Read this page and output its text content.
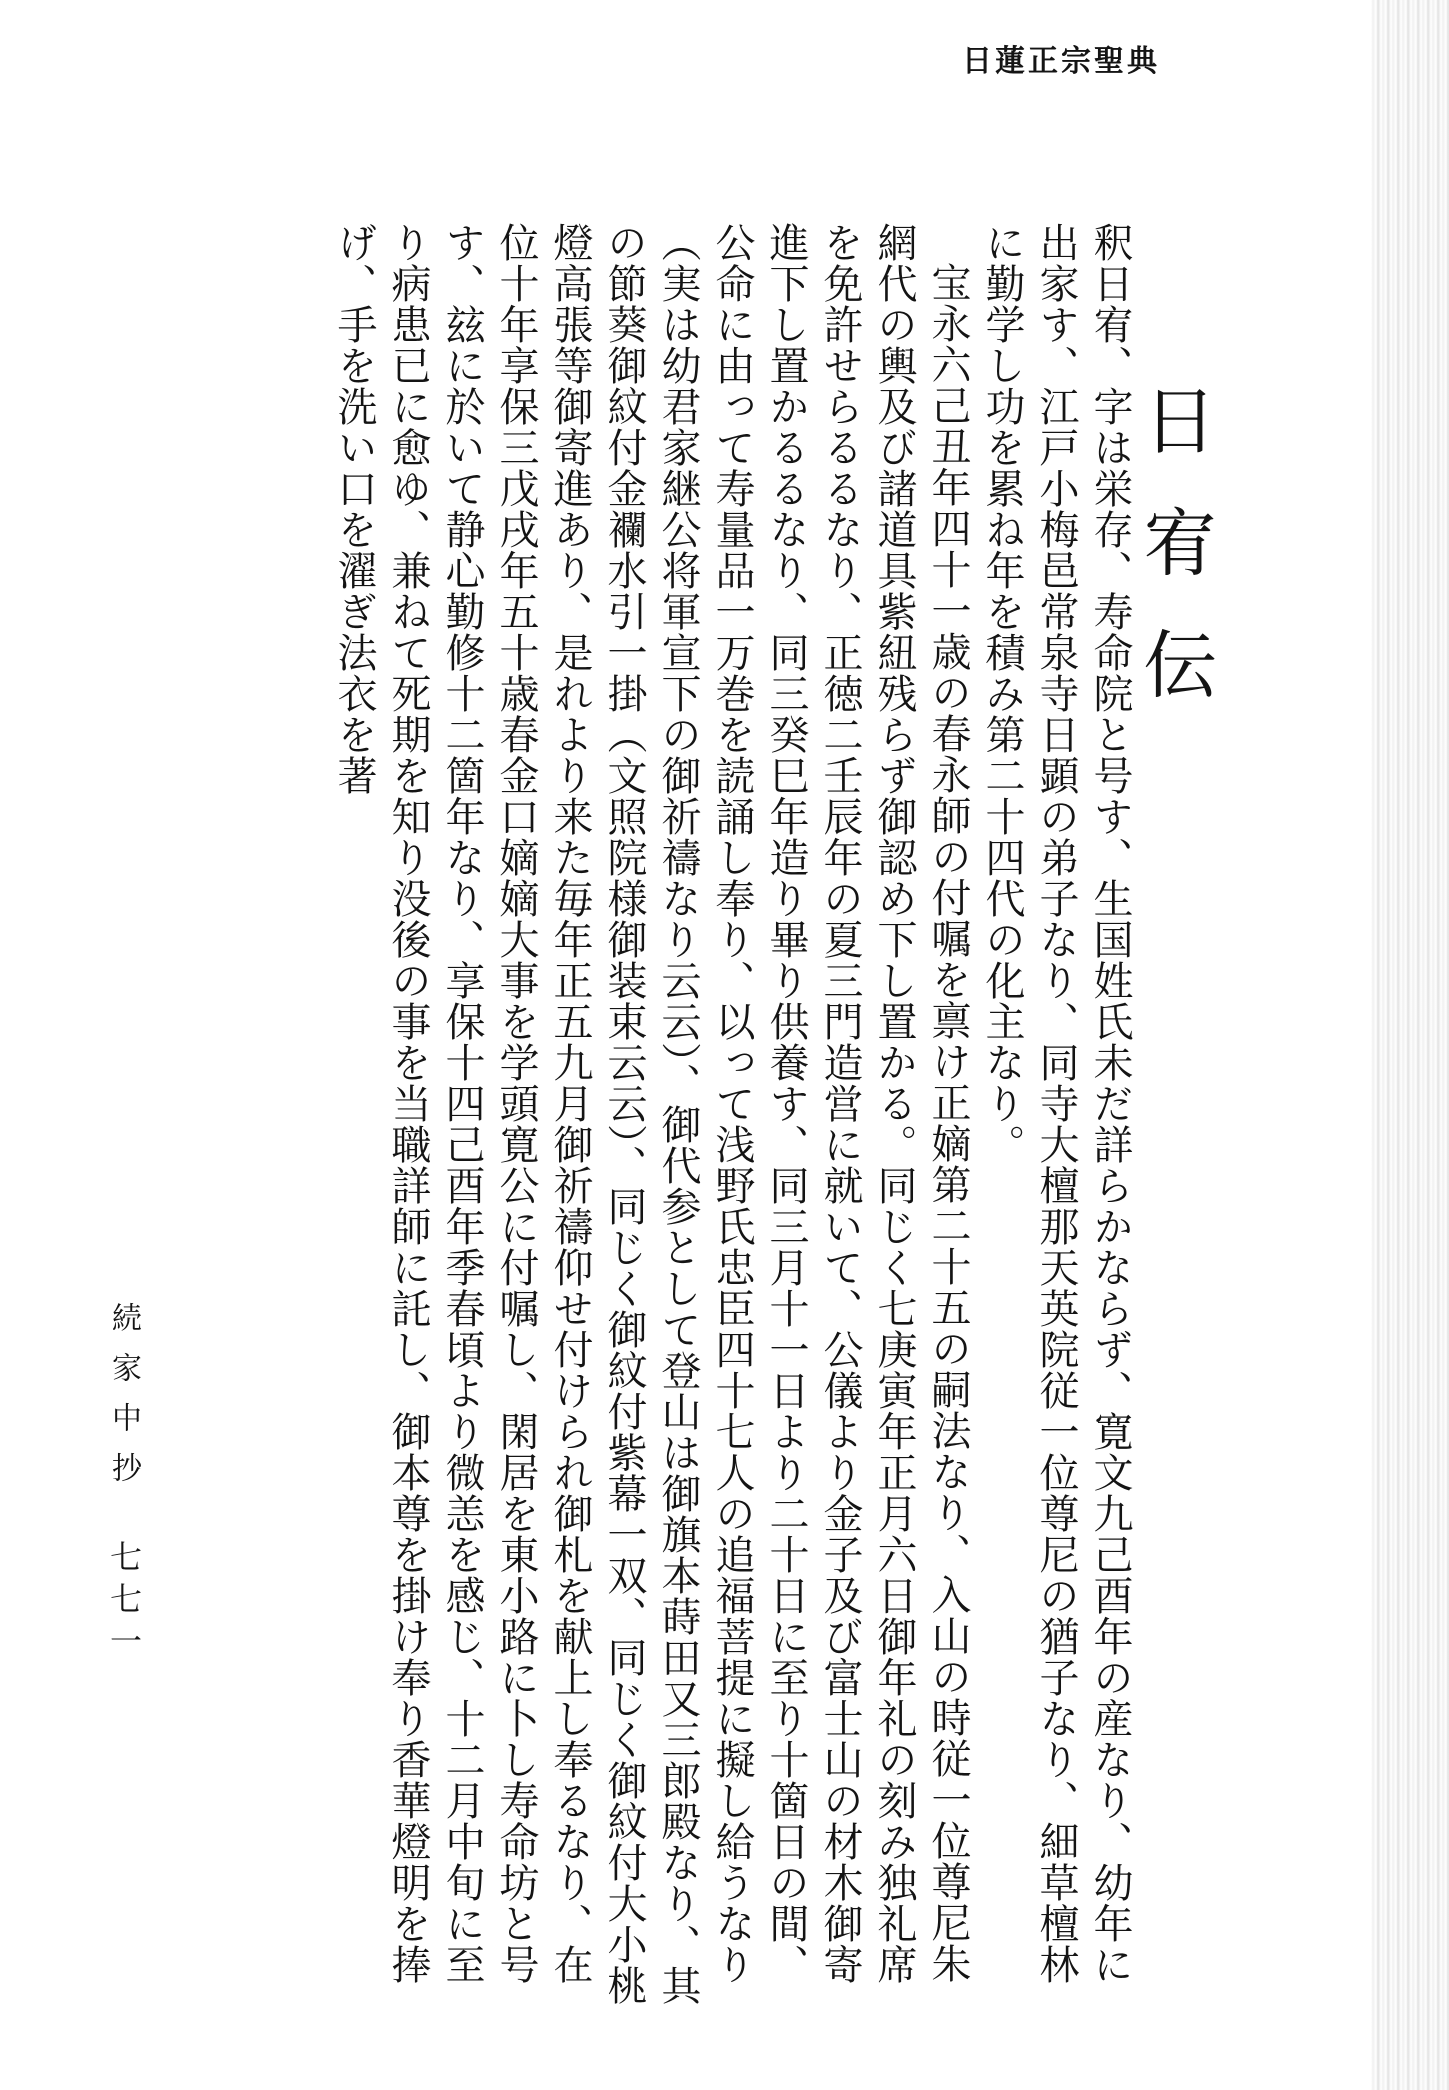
日蓮正宗聖典
日宥伝

釈日宥、字は栄存、寿命院と号す、生国姓氏未だ詳らかならず、寛文九己酉年の産なり、幼年に出家す、江戸小梅邑常泉寺日顕の弟子なり、同寺大檀那天英院従一位尊尼の猶子なり、細草檀林に勤学し功を累ね年を積み第二十四代の化主なり。

宝永六己丑年四十一歳の春永師の付嘱を禀け正嫡第二十五の嗣法なり、入山の時従一位尊尼朱網代の輿及び諸道具紫紐残らず御認め下し置かる。同じく七庚寅年正月六日御年礼の刻み独礼席を免許せらるるなり、正徳二壬辰年の夏三門造営に就いて、公儀より金子及び富士山の材木御寄進下し置かるるなり、同三癸巳年造り畢り供養す、同三月十一日より二十日に至り十箇日の間、公命に由って寿量品一万巻を読誦し奉り、以って浅野氏忠臣四十七人の追福菩提に擬し給うなり（実は幼君家継公将軍宣下の御祈禱なり云云）、御代参として登山は御旗本蒔田又三郎殿なり、其の節葵御紋付金襴水引一掛（文照院様御装束云云）、同じく御紋付紫幕一双、同じく御紋付大小桃燈高張等御寄進あり、是れより来た毎年正五九月御祈禱仰せ付けられ御札を献上し奉るなり、在位十年享保三戊戌年五十歳春金口嫡嫡大事を学頭寛公に付嘱し、閑居を東小路に卜し寿命坊と号す、玆に於いて静心勤修十二箇年なり、享保十四己酉年季春頃より微恙を感じ、十二月中旬に至り病患已に愈ゆ、兼ねて死期を知り没後の事を当職詳師に託し、御本尊を掛け奉り香華燈明を捧げ、手を洗い口を濯ぎ法衣を著

続家中抄
七七一
